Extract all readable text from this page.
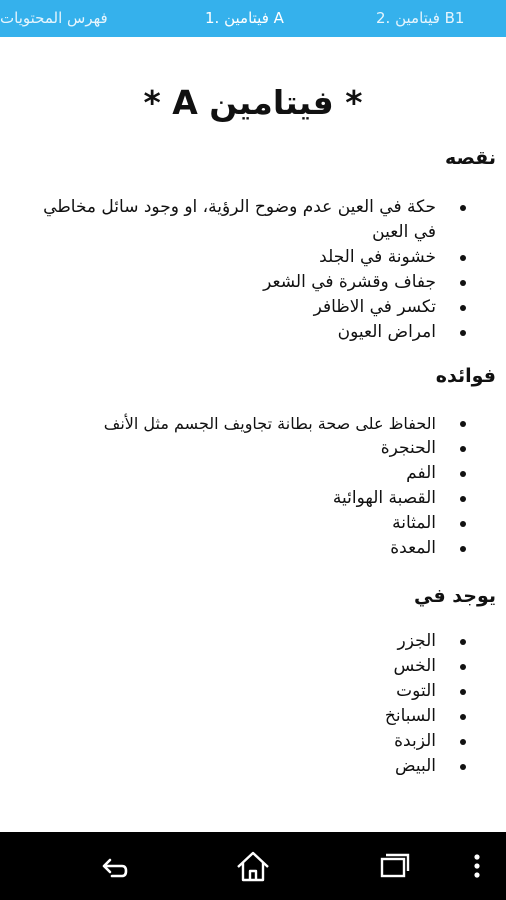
فهرس المحتويات	1. فيتامين A	2. فيتامين B1
* فيتامين A *
نقصه
حكة في العين عدم وضوح الرؤية، او وجود سائل مخاطي في العين
خشونة في الجلد
جفاف وقشرة في الشعر
تكسر في الاظافر
امراض العيون
فوائده
الحفاظ على صحة بطانة تجاويف الجسم مثل الأنف
الحنجرة
الفم
القصبة الهوائية
المثانة
المعدة
يوجد في
الجزر
الخس
التوت
السبانخ
الزبدة
البيض
